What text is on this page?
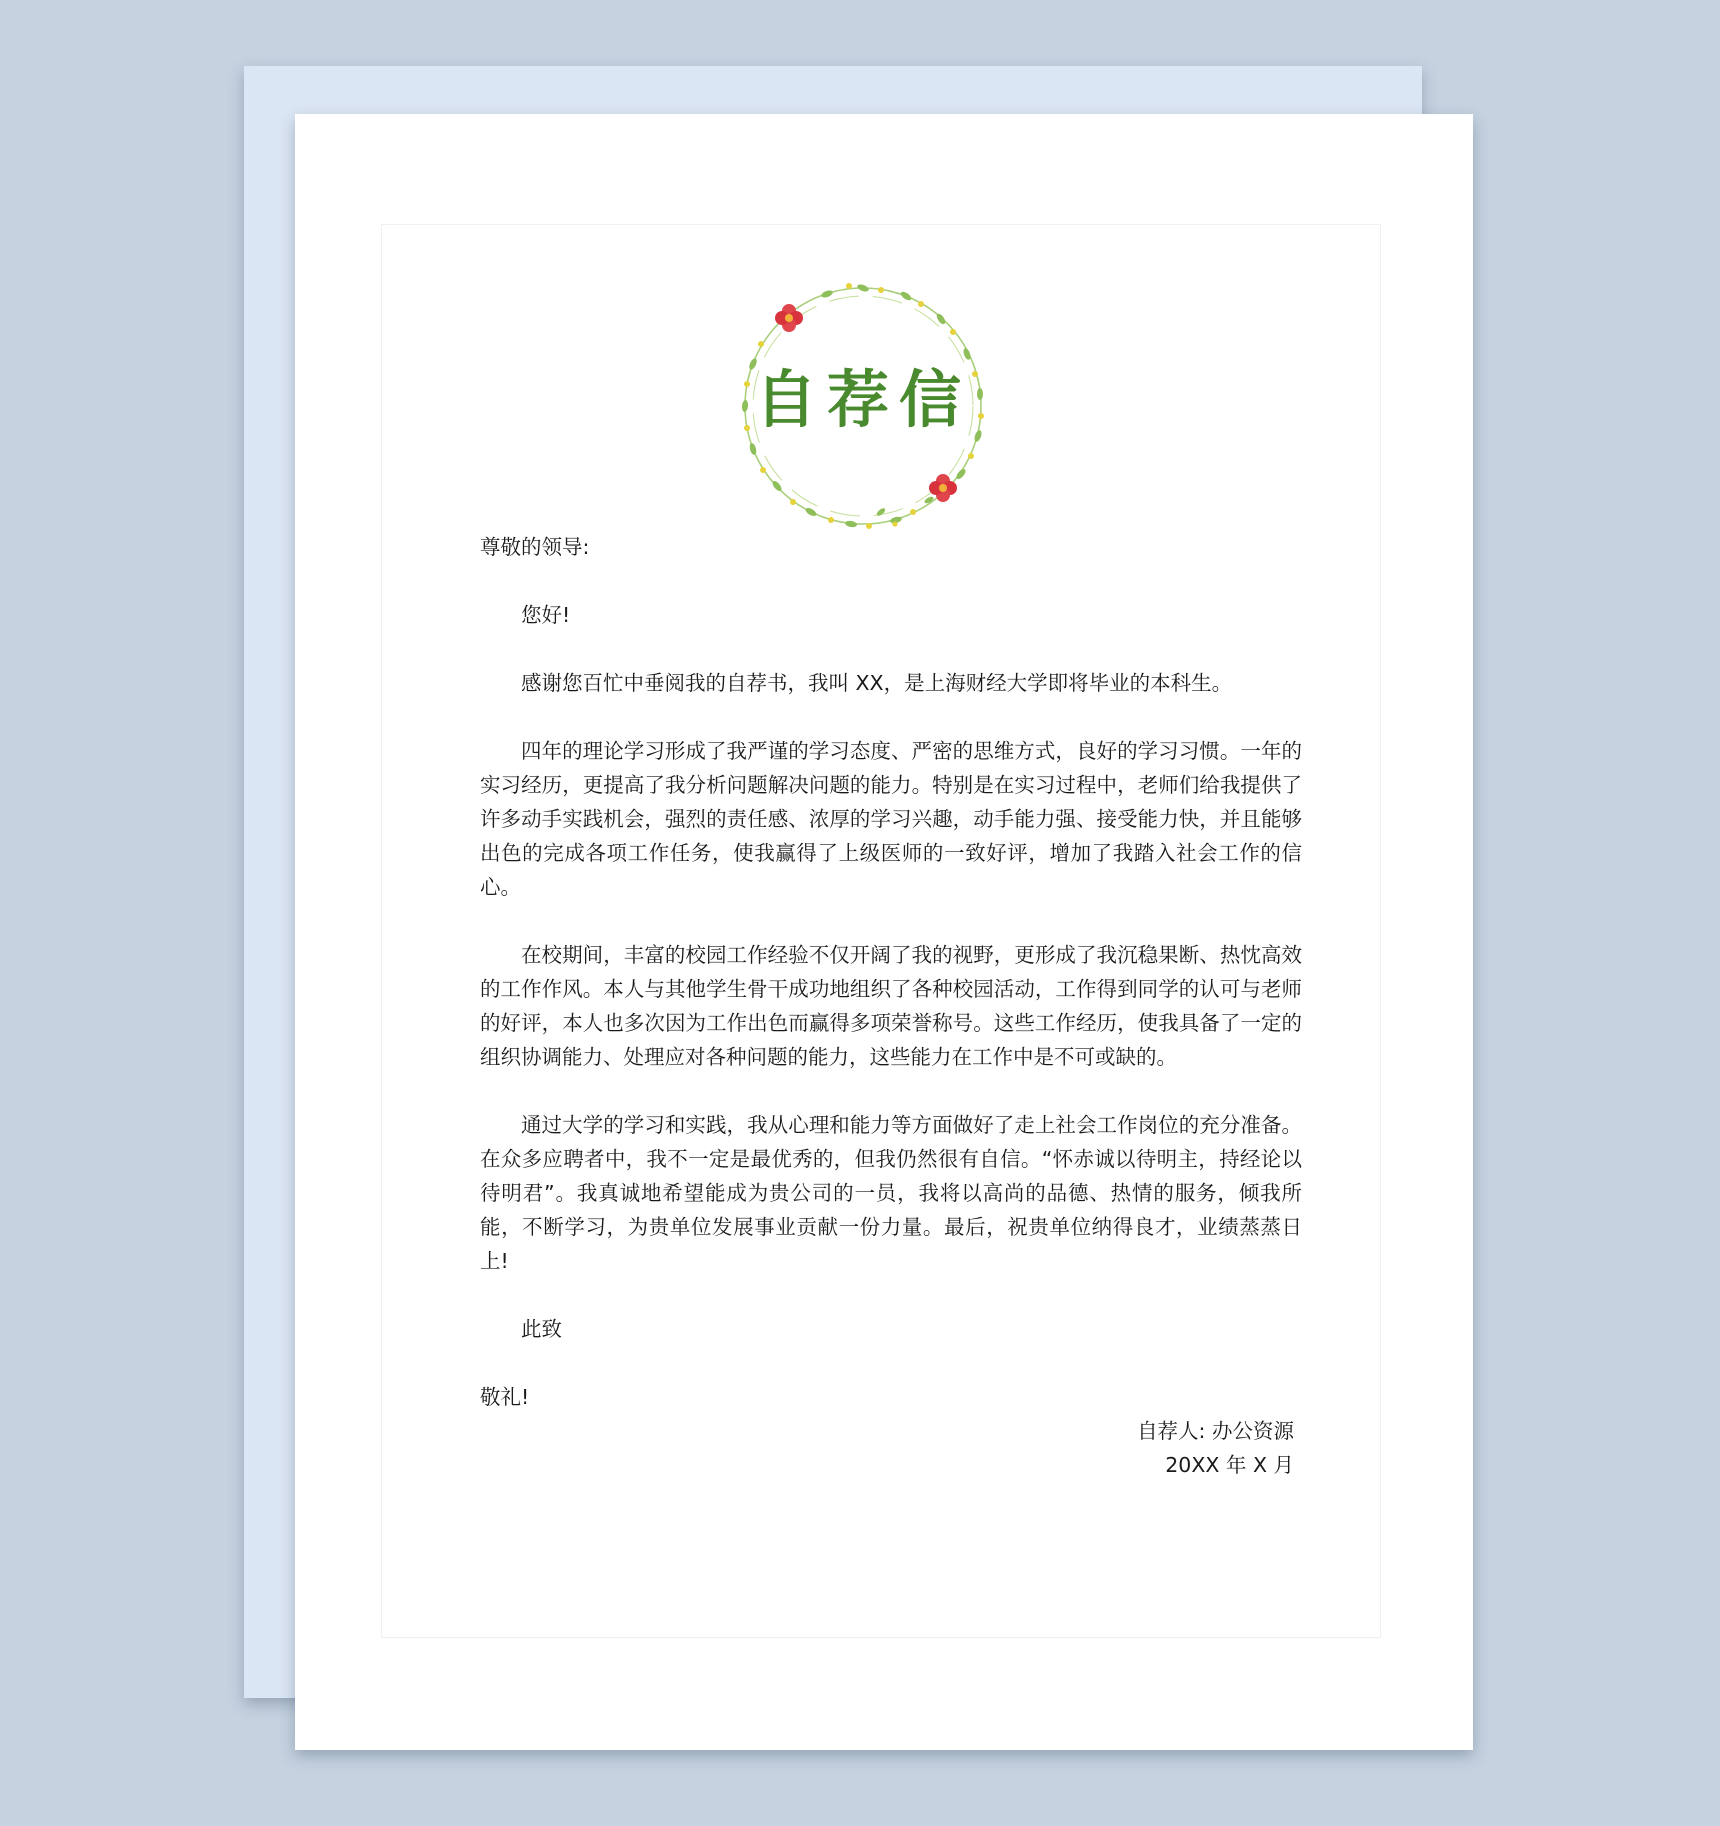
自荐信

尊敬的领导:

您好!

感谢您百忙中垂阅我的自荐书，我叫 XX，是上海财经大学即将毕业的本科生。

四年的理论学习形成了我严谨的学习态度、严密的思维方式，良好的学习习惯。一年的实习经历，更提高了我分析问题解决问题的能力。特别是在实习过程中，老师们给我提供了许多动手实践机会，强烈的责任感、浓厚的学习兴趣，动手能力强、接受能力快，并且能够出色的完成各项工作任务，使我赢得了上级医师的一致好评，增加了我踏入社会工作的信心。

在校期间，丰富的校园工作经验不仅开阔了我的视野，更形成了我沉稳果断、热忱高效的工作作风。本人与其他学生骨干成功地组织了各种校园活动，工作得到同学的认可与老师的好评，本人也多次因为工作出色而赢得多项荣誉称号。这些工作经历，使我具备了一定的组织协调能力、处理应对各种问题的能力，这些能力在工作中是不可或缺的。

通过大学的学习和实践，我从心理和能力等方面做好了走上社会工作岗位的充分准备。在众多应聘者中，我不一定是最优秀的，但我仍然很有自信。“怀赤诚以待明主，持经论以待明君”。我真诚地希望能成为贵公司的一员，我将以高尚的品德、热情的服务，倾我所能，不断学习，为贵单位发展事业贡献一份力量。最后，祝贵单位纳得良才，业绩蒸蒸日上!

此致

敬礼!

自荐人: 办公资源

20XX 年 X 月
